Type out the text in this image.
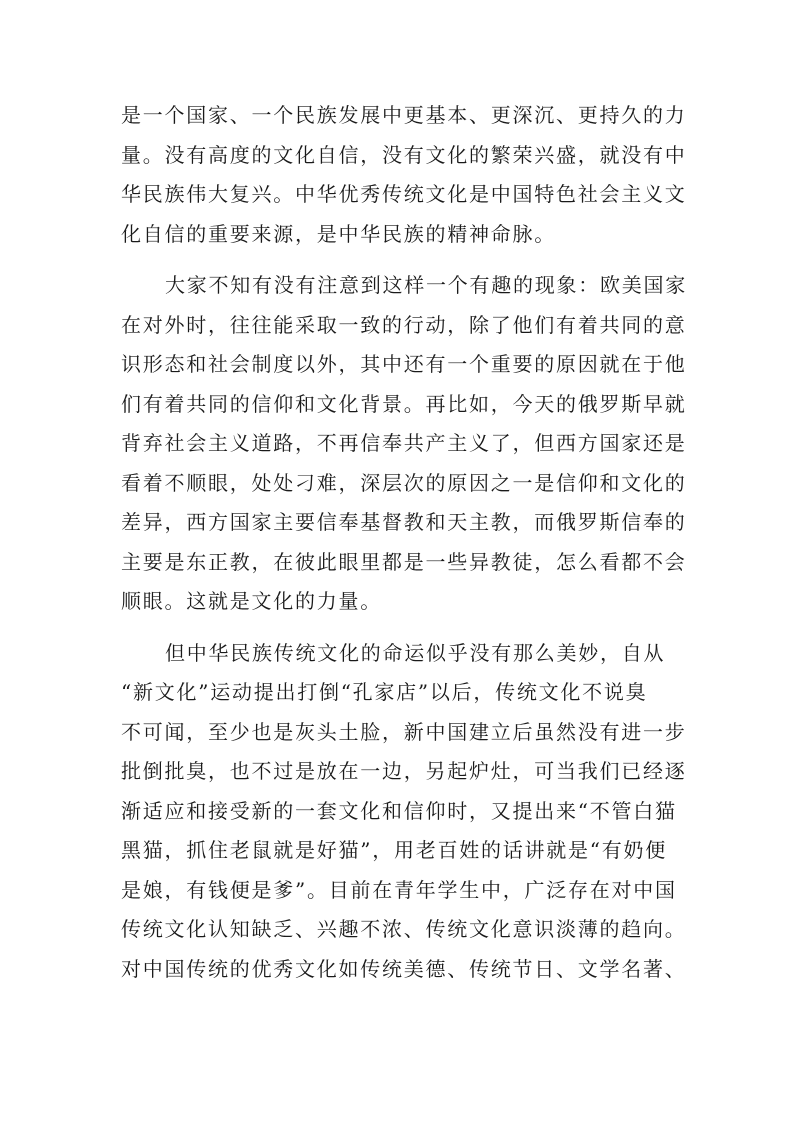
是一个国家、一个民族发展中更基本、更深沉、更持久的力
量。没有高度的文化自信，没有文化的繁荣兴盛，就没有中
华民族伟大复兴。中华优秀传统文化是中国特色社会主义文
化自信的重要来源，是中华民族的精神命脉。
大家不知有没有注意到这样一个有趣的现象：欧美国家
在对外时，往往能采取一致的行动，除了他们有着共同的意
识形态和社会制度以外，其中还有一个重要的原因就在于他
们有着共同的信仰和文化背景。再比如，今天的俄罗斯早就
背弃社会主义道路，不再信奉共产主义了，但西方国家还是
看着不顺眼，处处刁难，深层次的原因之一是信仰和文化的
差异，西方国家主要信奉基督教和天主教，而俄罗斯信奉的
主要是东正教，在彼此眼里都是一些异教徒，怎么看都不会
顺眼。这就是文化的力量。
但中华民族传统文化的命运似乎没有那么美妙，自从
“新文化”运动提出打倒“孔家店”以后，传统文化不说臭
不可闻，至少也是灰头土脸，新中国建立后虽然没有进一步
批倒批臭，也不过是放在一边，另起炉灶，可当我们已经逐
渐适应和接受新的一套文化和信仰时，又提出来“不管白猫
黑猫，抓住老鼠就是好猫”，用老百姓的话讲就是“有奶便
是娘，有钱便是爹”。目前在青年学生中，广泛存在对中国
传统文化认知缺乏、兴趣不浓、传统文化意识淡薄的趋向。
对中国传统的优秀文化如传统美德、传统节日、文学名著、
